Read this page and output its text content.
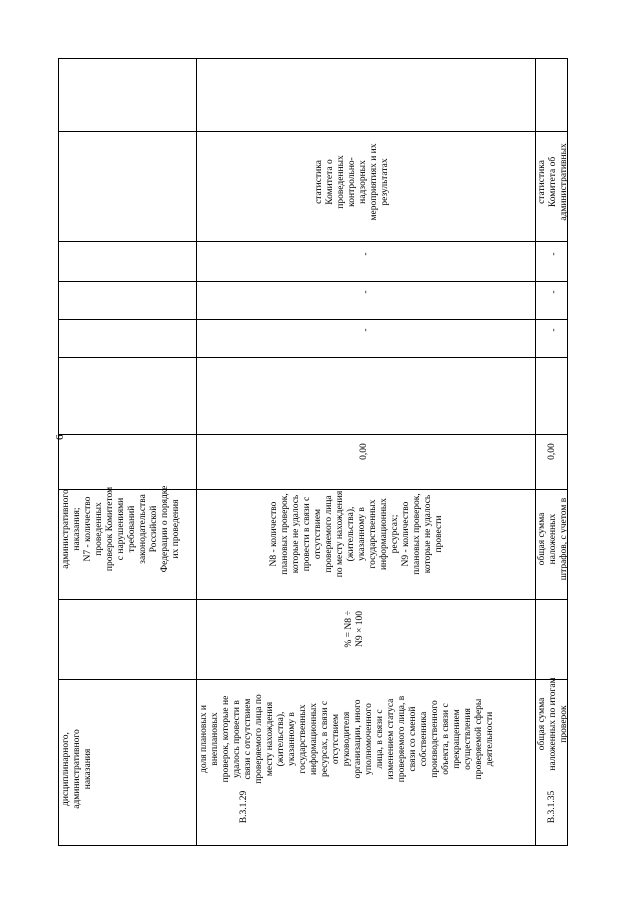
6
дисциплинарного,
административного
наказания
административного
наказания;
N7 - количество
проведенных
проверок Комитетом
с нарушениями
требований
законодательства
Российской
Федерации о порядке
их проведения
В.3.1.29
доля плановых и
внеплановых
проверок, которые не
удалось провести в
связи с отсутствием
проверяемого лица по
месту нахождения
(жительства),
указанному в
государственных
информационных
ресурсах, в связи с
отсутствием
руководителя
организации, иного
уполномоченного
лица, в связи с
изменением статуса
проверяемого лица, в
связи со сменой
собственника
производственного
объекта, в связи с
прекращением
осуществления
проверяемой сферы
деятельности
% = N8 ÷
N9 × 100
N8 - количество
плановых проверок,
которые не удалось
провести в связи с
отсутствием
проверяемого лица
по месту нахождения
(жительства),
указанному в
государственных
информационных
ресурсах;
N9 - количество
плановых проверок,
которые не удалось
провести
0,00
-
-
-
статистика
Комитета о
проведенных
контрольно-
надзорных
мероприятиях и их
результатах
В.3.1.35
общая сумма
наложенных по итогам
проверок
общая сумма
наложенных
штрафов, с учетом в
0,00
-
-
-
статистика
Комитета об
административных
